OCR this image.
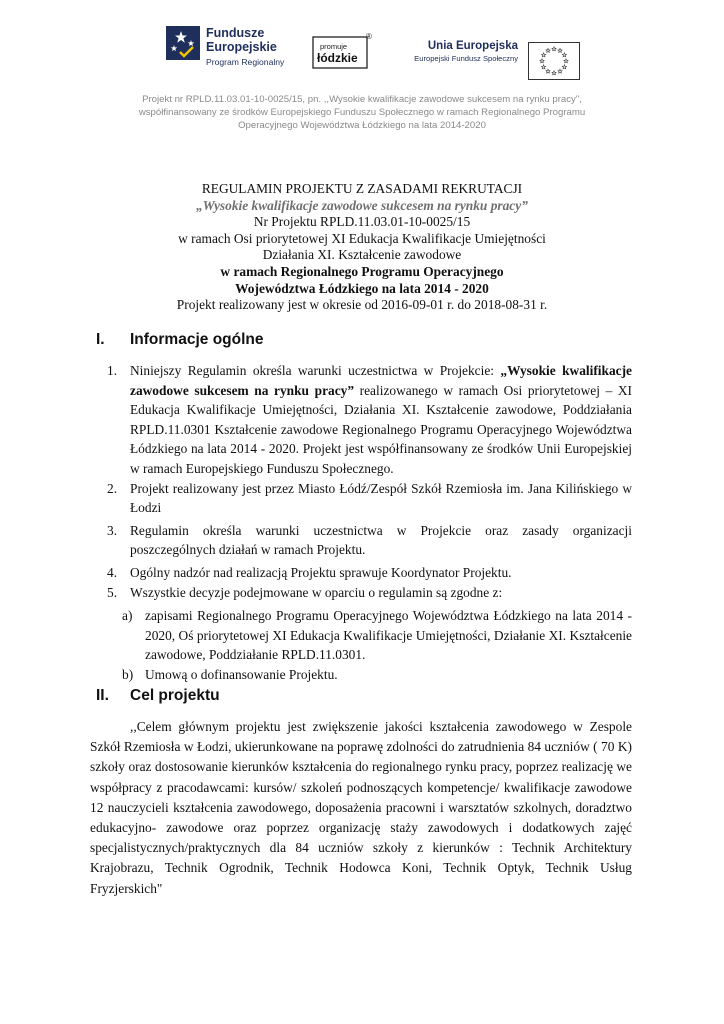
Fundusze
Europejskie
Program Regionalny
promuje
łódzkie
®
Unia Europejska
Europejski Fundusz Społeczny
Projekt nr RPLD.11.03.01-10-0025/15, pn. ,,Wysokie kwalifikacje zawodowe sukcesem na rynku pracy",
współfinansowany ze środków Europejskiego Funduszu Społecznego w ramach Regionalnego Programu
Operacyjnego Województwa Łódzkiego na lata 2014-2020
REGULAMIN PROJEKTU Z ZASADAMI REKRUTACJI
„Wysokie kwalifikacje zawodowe sukcesem na rynku pracy”
Nr Projektu RPLD.11.03.01-10-0025/15
w ramach Osi priorytetowej XI Edukacja Kwalifikacje Umiejętności
Działania XI. Kształcenie zawodowe
w ramach Regionalnego Programu Operacyjnego
Województwa Łódzkiego na lata 2014 - 2020
Projekt realizowany jest w okresie od 2016-09-01 r. do 2018-08-31 r.
I. Informacje ogólne
1. Niniejszy Regulamin określa warunki uczestnictwa w Projekcie: „Wysokie kwalifikacje zawodowe sukcesem na rynku pracy” realizowanego w ramach Osi priorytetowej – XI Edukacja Kwalifikacje Umiejętności, Działania XI. Kształcenie zawodowe, Poddziałania RPLD.11.0301 Kształcenie zawodowe Regionalnego Programu Operacyjnego Województwa Łódzkiego na lata 2014 - 2020. Projekt jest współfinansowany ze środków Unii Europejskiej w ramach Europejskiego Funduszu Społecznego.
2. Projekt realizowany jest przez Miasto Łódź/Zespół Szkół Rzemiosła im. Jana Kilińskiego w Łodzi
3. Regulamin określa warunki uczestnictwa w Projekcie oraz zasady organizacji poszczególnych działań w ramach Projektu.
4. Ogólny nadzór nad realizacją Projektu sprawuje Koordynator Projektu.
5. Wszystkie decyzje podejmowane w oparciu o regulamin są zgodne z:
a) zapisami Regionalnego Programu Operacyjnego Województwa Łódzkiego na lata 2014 - 2020, Oś priorytetowej XI Edukacja Kwalifikacje Umiejętności, Działanie XI. Kształcenie zawodowe, Poddziałanie RPLD.11.0301.
b) Umową o dofinansowanie Projektu.
II. Cel projektu
,,Celem głównym projektu jest zwiększenie jakości kształcenia zawodowego w Zespole Szkół Rzemiosła w Łodzi, ukierunkowane na poprawę zdolności do zatrudnienia 84 uczniów ( 70 K) szkoły oraz dostosowanie kierunków kształcenia do regionalnego rynku pracy, poprzez realizację we współpracy z pracodawcami: kursów/ szkoleń podnoszących kompetencje/ kwalifikacje zawodowe 12 nauczycieli kształcenia zawodowego, doposażenia pracowni i warsztatów szkolnych, doradztwo edukacyjno- zawodowe oraz poprzez organizację staży zawodowych i dodatkowych zajęć specjalistycznych/praktycznych dla 84 uczniów szkoły z kierunków : Technik Architektury Krajobrazu, Technik Ogrodnik, Technik Hodowca Koni, Technik Optyk, Technik Usług Fryzjerskich"
